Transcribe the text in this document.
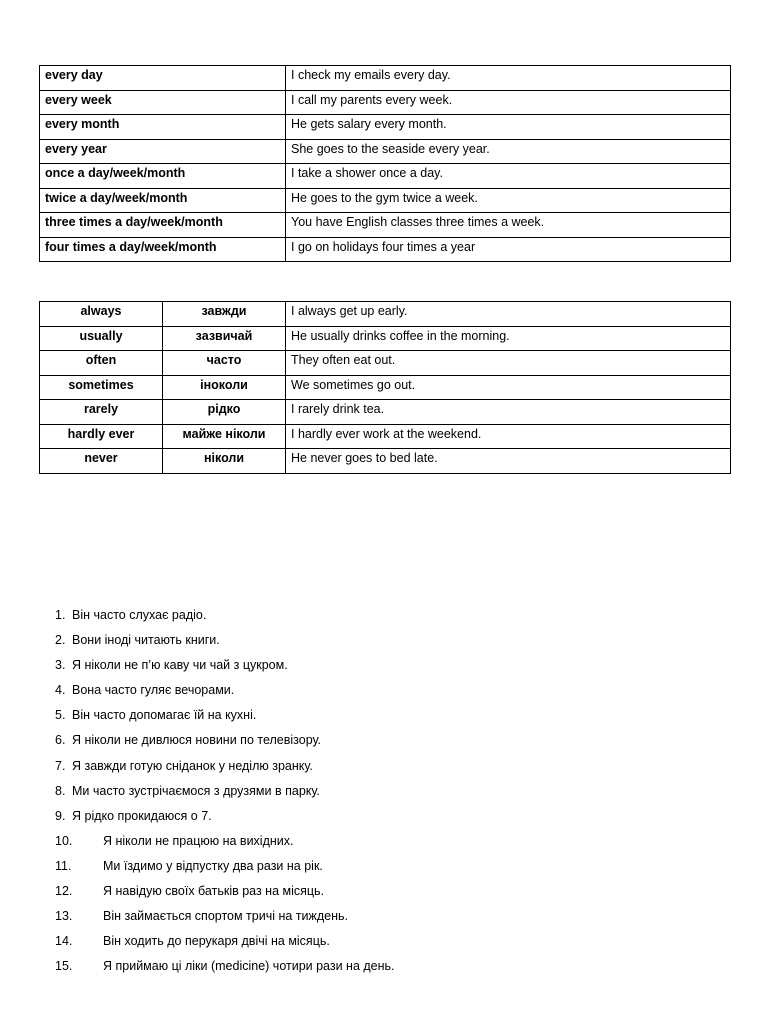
every day	I check my emails every day.
every week	I call my parents every week.
every month	He gets salary every month.
every year	She goes to the seaside every year.
once a day/week/month	I take a shower once a day.
twice a day/week/month	He goes to the gym twice a week.
three times a day/week/month	You have English classes three times a week.
four times a day/week/month	I go on holidays four times a year
always	завжди	I always get up early.
usually	зазвичай	He usually drinks coffee in the morning.
often	часто	They often eat out.
sometimes	іноколи	We sometimes go out.
rarely	рідко	I rarely drink tea.
hardly ever	майже ніколи	I hardly ever work at the weekend.
never	ніколи	He never goes to bed late.
1. Він часто слухає радіо.
2. Вони іноді читають книги.
3. Я ніколи не п’ю каву чи чай з цукром.
4. Вона часто гуляє вечорами.
5. Він часто допомагає їй на кухні.
6. Я ніколи не дивлюся новини по телевізору.
7. Я завжди готую сніданок у неділю зранку.
8. Ми часто зустрічаємося з друзями в парку.
9. Я рідко прокидаюся о 7.
10. Я ніколи не працюю на вихідних.
11.	Ми їздимо у відпустку два рази на рік.
12. Я навідую своїх батьків раз на місяць.
13. Він займається спортом тричі на тиждень.
14. Він ходить до перукаря двічі на місяць.
15. Я приймаю ці ліки (medicine) чотири рази на день.
